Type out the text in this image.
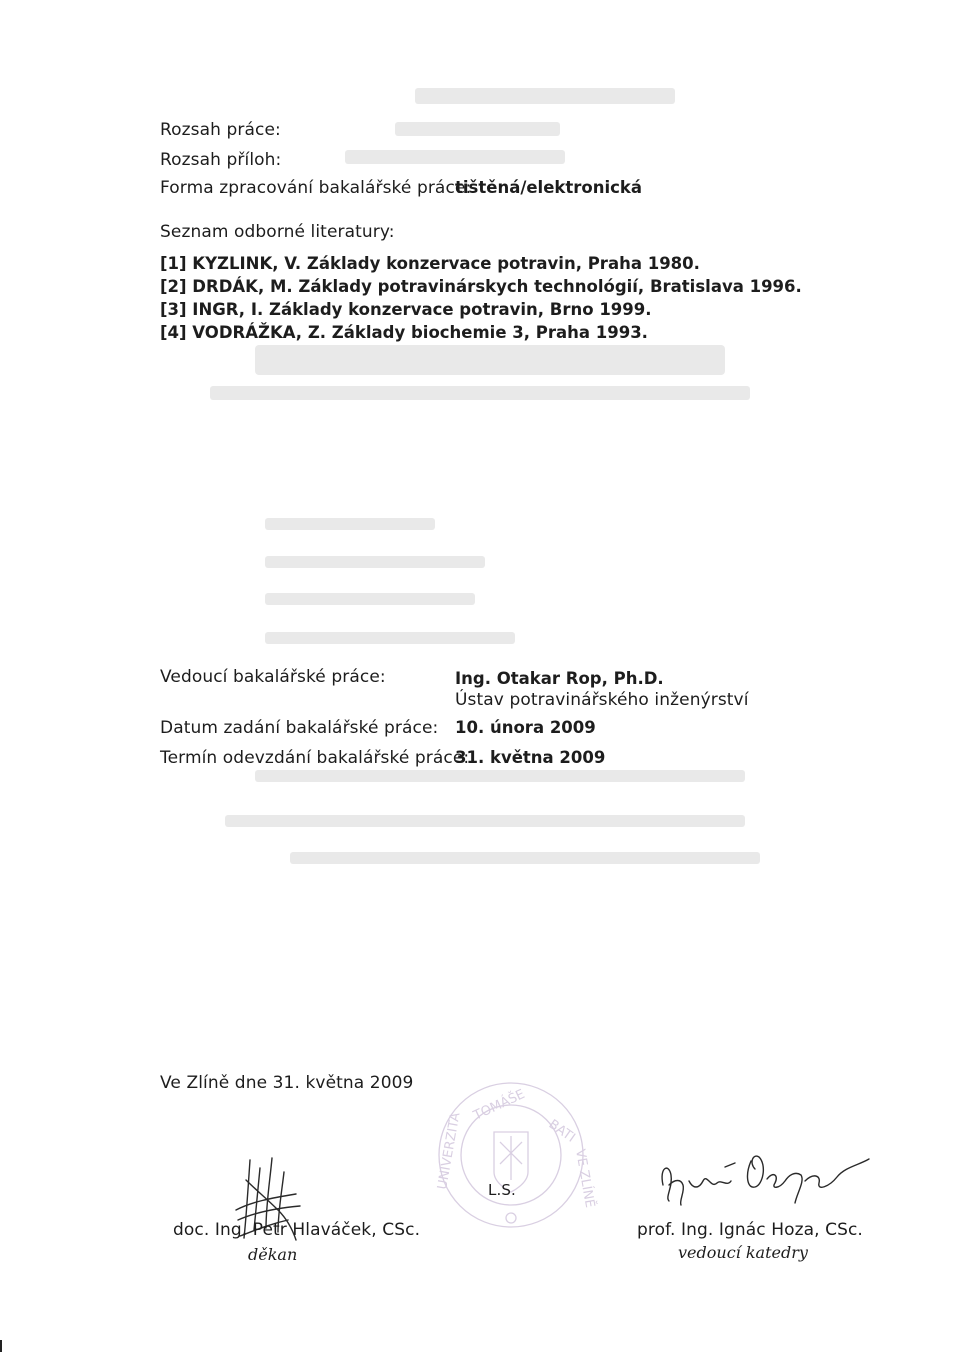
Rozsah práce:
Rozsah příloh:
Forma zpracování bakalářské práce:
tištěná/elektronická
Seznam odborné literatury:
[1] KYZLINK, V. Základy konzervace potravin, Praha 1980.
[2] DRDÁK, M. Základy potravinárskych technológií, Bratislava 1996.
[3] INGR, I. Základy konzervace potravin, Brno 1999.
[4] VODRÁŽKA, Z. Základy biochemie 3, Praha 1993.
Vedoucí bakalářské práce:	Ing. Otakar Rop, Ph.D.
Ústav potravinářského inženýrství
Datum zadání bakalářské práce: 10. února 2009
Termín odevzdání bakalářské práce:
31. května 2009
Ve Zlíně dne 31. května 2009
doc. Ing. Petr Hlaváček, CSc.
děkan
TOMÁŠE
BATI
UNIVERZITA	VE ZLÍNĚ
L.S.
prof. Ing. Ignác Hoza, CSc.
vedoucí katedry
